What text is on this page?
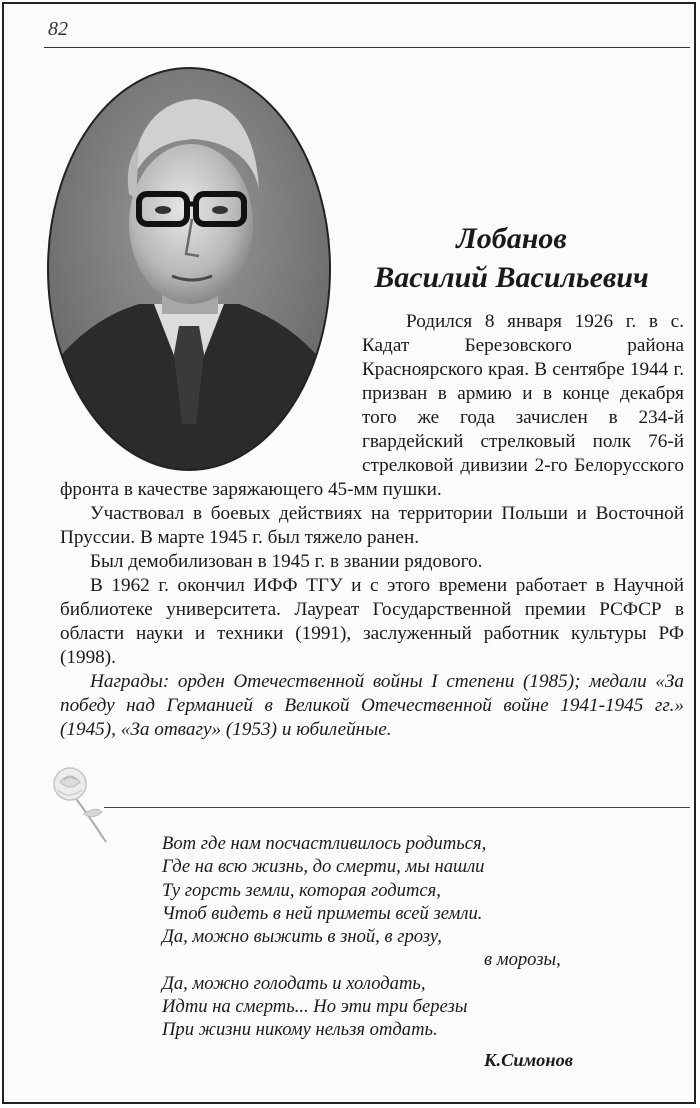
82
Лобанов
Василий Васильевич

Родился 8 января 1926 г. в с. Кадат Березовского района Красноярского края. В сентябре 1944 г. призван в армию и в конце декабря того же года зачислен в 234-й гвардейский стрелковый полк 76-й стрелковой дивизии 2-го Белорусского фронта в качестве заряжающего 45-мм пушки.

Участвовал в боевых действиях на территории Польши и Восточной Пруссии. В марте 1945 г. был тяжело ранен.

Был демобилизован в 1945 г. в звании рядового.

В 1962 г. окончил ИФФ ТГУ и с этого времени работает в Научной библиотеке университета. Лауреат Государственной премии РСФСР в области науки и техники (1991), заслуженный работник культуры РФ (1998).

Награды: орден Отечественной войны I степени (1985); медали «За победу над Германией в Великой Отечественной войне 1941-1945 гг.» (1945), «За отвагу» (1953) и юбилейные.

Вот где нам посчастливилось родиться,
Где на всю жизнь, до смерти, мы нашли
Ту горсть земли, которая годится,
Чтоб видеть в ней приметы всей земли.
Да, можно выжить в зной, в грозу,
в морозы,
Да, можно голодать и холодать,
Идти на смерть... Но эти три березы
При жизни никому нельзя отдать.
К.Симонов
